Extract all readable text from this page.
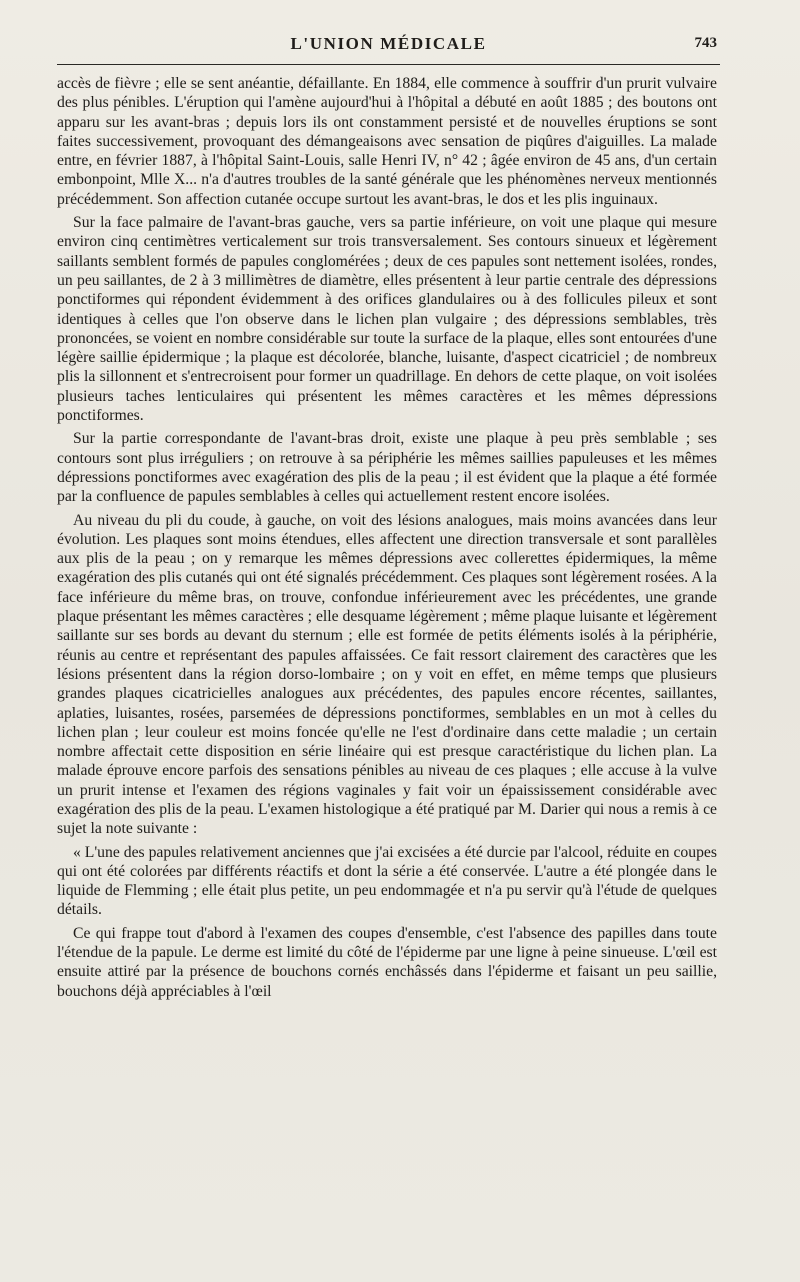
L'UNION MÉDICALE	743

accès de fièvre ; elle se sent anéantie, défaillante. En 1884, elle commence à souffrir d'un prurit vulvaire des plus pénibles. L'éruption qui l'amène aujourd'hui à l'hôpital a débuté en août 1885 ; des boutons ont apparu sur les avant-bras ; depuis lors ils ont constamment persisté et de nouvelles éruptions se sont faites successivement, provoquant des démangeaisons avec sensation de piqûres d'aiguilles. La malade entre, en février 1887, à l'hôpital Saint-Louis, salle Henri IV, n° 42 ; âgée environ de 45 ans, d'un certain embonpoint, Mlle X... n'a d'autres troubles de la santé générale que les phénomènes nerveux mentionnés précédemment. Son affection cutanée occupe surtout les avant-bras, le dos et les plis inguinaux.

Sur la face palmaire de l'avant-bras gauche, vers sa partie inférieure, on voit une plaque qui mesure environ cinq centimètres verticalement sur trois transversalement. Ses contours sinueux et légèrement saillants semblent formés de papules conglomérées ; deux de ces papules sont nettement isolées, rondes, un peu saillantes, de 2 à 3 millimètres de diamètre, elles présentent à leur partie centrale des dépressions ponctiformes qui répondent évidemment à des orifices glandulaires ou à des follicules pileux et sont identiques à celles que l'on observe dans le lichen plan vulgaire ; des dépressions semblables, très prononcées, se voient en nombre considérable sur toute la surface de la plaque, elles sont entourées d'une légère saillie épidermique ; la plaque est décolorée, blanche, luisante, d'aspect cicatriciel ; de nombreux plis la sillonnent et s'entrecroisent pour former un quadrillage. En dehors de cette plaque, on voit isolées plusieurs taches lenticulaires qui présentent les mêmes caractères et les mêmes dépressions ponctiformes.

Sur la partie correspondante de l'avant-bras droit, existe une plaque à peu près semblable ; ses contours sont plus irréguliers ; on retrouve à sa périphérie les mêmes saillies papuleuses et les mêmes dépressions ponctiformes avec exagération des plis de la peau ; il est évident que la plaque a été formée par la confluence de papules semblables à celles qui actuellement restent encore isolées.

Au niveau du pli du coude, à gauche, on voit des lésions analogues, mais moins avancées dans leur évolution. Les plaques sont moins étendues, elles affectent une direction transversale et sont parallèles aux plis de la peau ; on y remarque les mêmes dépressions avec collerettes épidermiques, la même exagération des plis cutanés qui ont été signalés précédemment. Ces plaques sont légèrement rosées. A la face inférieure du même bras, on trouve, confondue inférieurement avec les précédentes, une grande plaque présentant les mêmes caractères ; elle desquame légèrement ; même plaque luisante et légèrement saillante sur ses bords au devant du sternum ; elle est formée de petits éléments isolés à la périphérie, réunis au centre et représentant des papules affaissées. Ce fait ressort clairement des caractères que les lésions présentent dans la région dorso-lombaire ; on y voit en effet, en même temps que plusieurs grandes plaques cicatricielles analogues aux précédentes, des papules encore récentes, saillantes, aplaties, luisantes, rosées, parsemées de dépressions ponctiformes, semblables en un mot à celles du lichen plan ; leur couleur est moins foncée qu'elle ne l'est d'ordinaire dans cette maladie ; un certain nombre affectait cette disposition en série linéaire qui est presque caractéristique du lichen plan. La malade éprouve encore parfois des sensations pénibles au niveau de ces plaques ; elle accuse à la vulve un prurit intense et l'examen des régions vaginales y fait voir un épaississement considérable avec exagération des plis de la peau. L'examen histologique a été pratiqué par M. Darier qui nous a remis à ce sujet la note suivante :

« L'une des papules relativement anciennes que j'ai excisées a été durcie par l'alcool, réduite en coupes qui ont été colorées par différents réactifs et dont la série a été conservée. L'autre a été plongée dans le liquide de Flemming ; elle était plus petite, un peu endommagée et n'a pu servir qu'à l'étude de quelques détails.

Ce qui frappe tout d'abord à l'examen des coupes d'ensemble, c'est l'absence des papilles dans toute l'étendue de la papule. Le derme est limité du côté de l'épiderme par une ligne à peine sinueuse. L'œil est ensuite attiré par la présence de bouchons cornés enchâssés dans l'épiderme et faisant un peu saillie, bouchons déjà appréciables à l'œil
